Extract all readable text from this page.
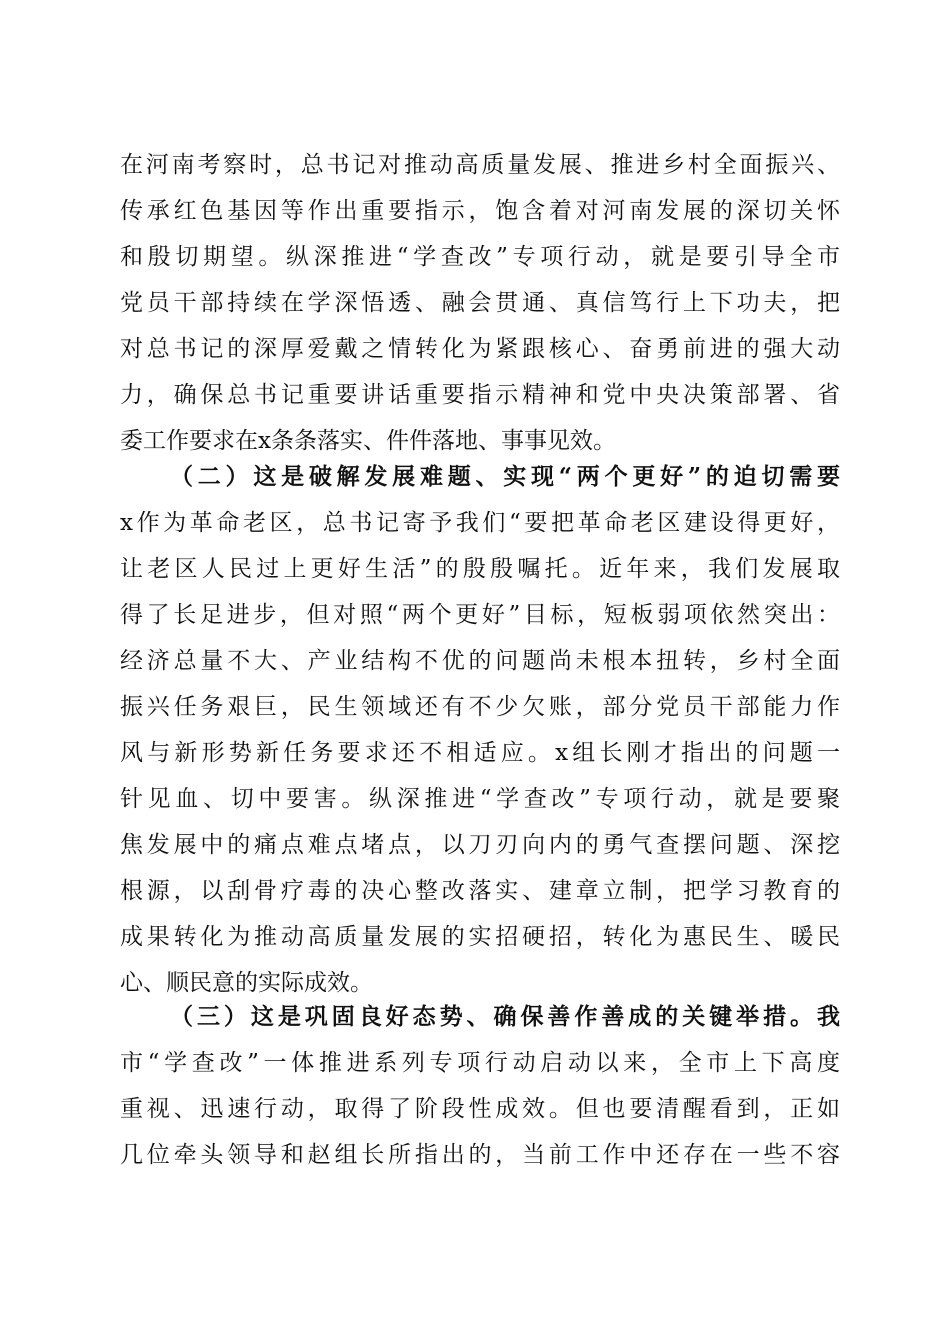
在河南考察时，总书记对推动高质量发展、推进乡村全面振兴、
传承红色基因等作出重要指示，饱含着对河南发展的深切关怀
和殷切期望。纵深推进“学查改”专项行动，就是要引导全市
党员干部持续在学深悟透、融会贯通、真信笃行上下功夫，把
对总书记的深厚爱戴之情转化为紧跟核心、奋勇前进的强大动
力，确保总书记重要讲话重要指示精神和党中央决策部署、省
委工作要求在x条条落实、件件落地、事事见效。
（二）这是破解发展难题、实现“两个更好”的迫切需要
x作为革命老区，总书记寄予我们“要把革命老区建设得更好，
让老区人民过上更好生活”的殷殷嘱托。近年来，我们发展取
得了长足进步，但对照“两个更好”目标，短板弱项依然突出：
经济总量不大、产业结构不优的问题尚未根本扭转，乡村全面
振兴任务艰巨，民生领域还有不少欠账，部分党员干部能力作
风与新形势新任务要求还不相适应。x组长刚才指出的问题一
针见血、切中要害。纵深推进“学查改”专项行动，就是要聚
焦发展中的痛点难点堵点，以刀刃向内的勇气查摆问题、深挖
根源，以刮骨疗毒的决心整改落实、建章立制，把学习教育的
成果转化为推动高质量发展的实招硬招，转化为惠民生、暖民
心、顺民意的实际成效。
（三）这是巩固良好态势、确保善作善成的关键举措。我
市“学查改”一体推进系列专项行动启动以来，全市上下高度
重视、迅速行动，取得了阶段性成效。但也要清醒看到，正如
几位牵头领导和赵组长所指出的，当前工作中还存在一些不容
